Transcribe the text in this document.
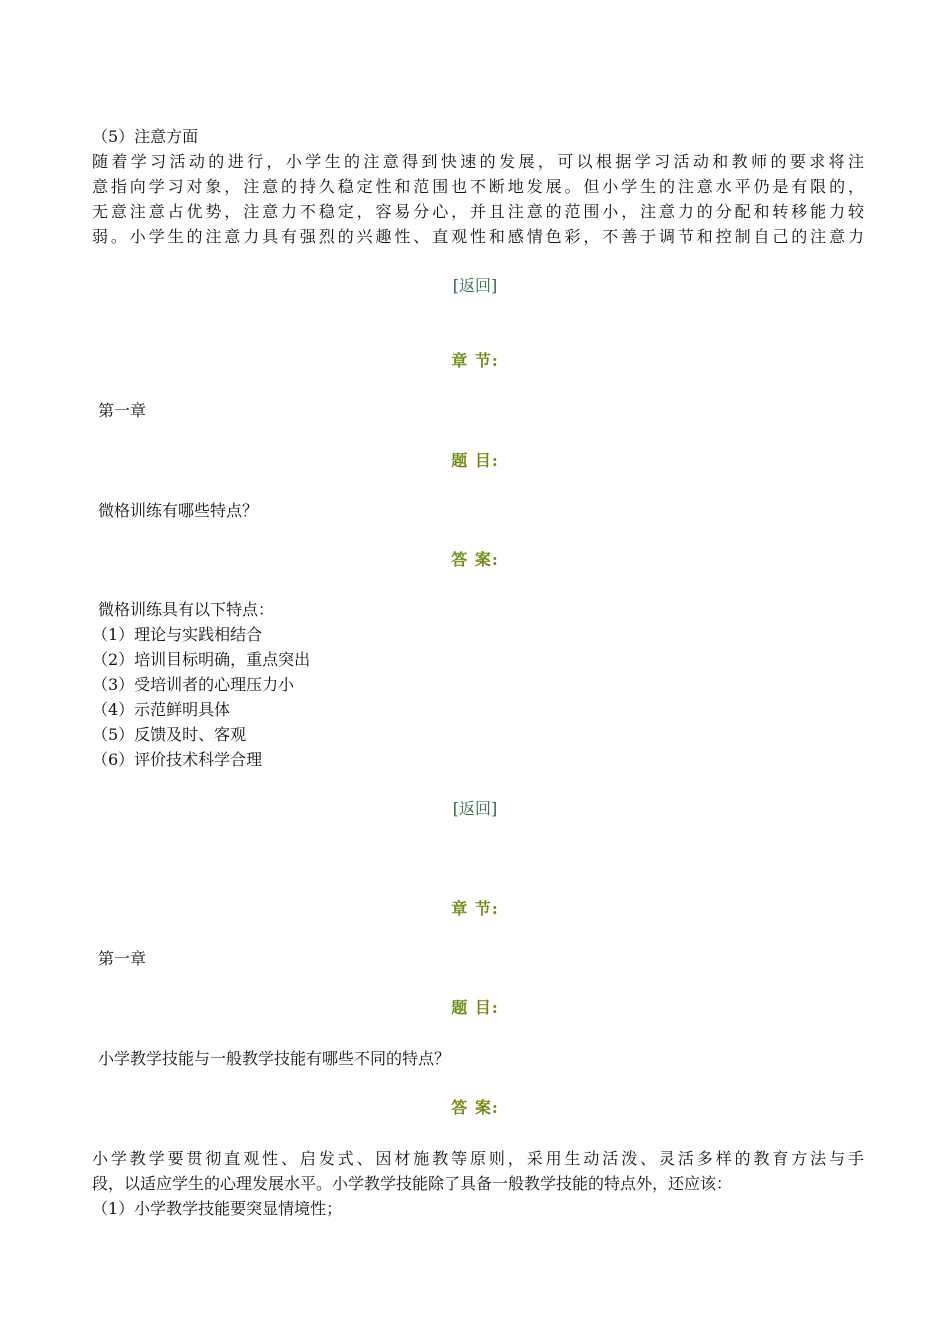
（5）注意方面
随着学习活动的进行，小学生的注意得到快速的发展，可以根据学习活动和教师的要求将注
意指向学习对象，注意的持久稳定性和范围也不断地发展。但小学生的注意水平仍是有限的，
无意注意占优势，注意力不稳定，容易分心，并且注意的范围小，注意力的分配和转移能力较
弱。小学生的注意力具有强烈的兴趣性、直观性和感情色彩，不善于调节和控制自己的注意力
[返回]
章 节:
第一章
题 目:
微格训练有哪些特点？
答 案:
微格训练具有以下特点：
（1）理论与实践相结合
（2）培训目标明确，重点突出
（3）受培训者的心理压力小
（4）示范鲜明具体
（5）反馈及时、客观
（6）评价技术科学合理
[返回]
章 节:
第一章
题 目:
小学教学技能与一般教学技能有哪些不同的特点？
答 案:
小学教学要贯彻直观性、启发式、因材施教等原则，采用生动活泼、灵活多样的教育方法与手
段，以适应学生的心理发展水平。小学教学技能除了具备一般教学技能的特点外，还应该：
（1）小学教学技能要突显情境性；
